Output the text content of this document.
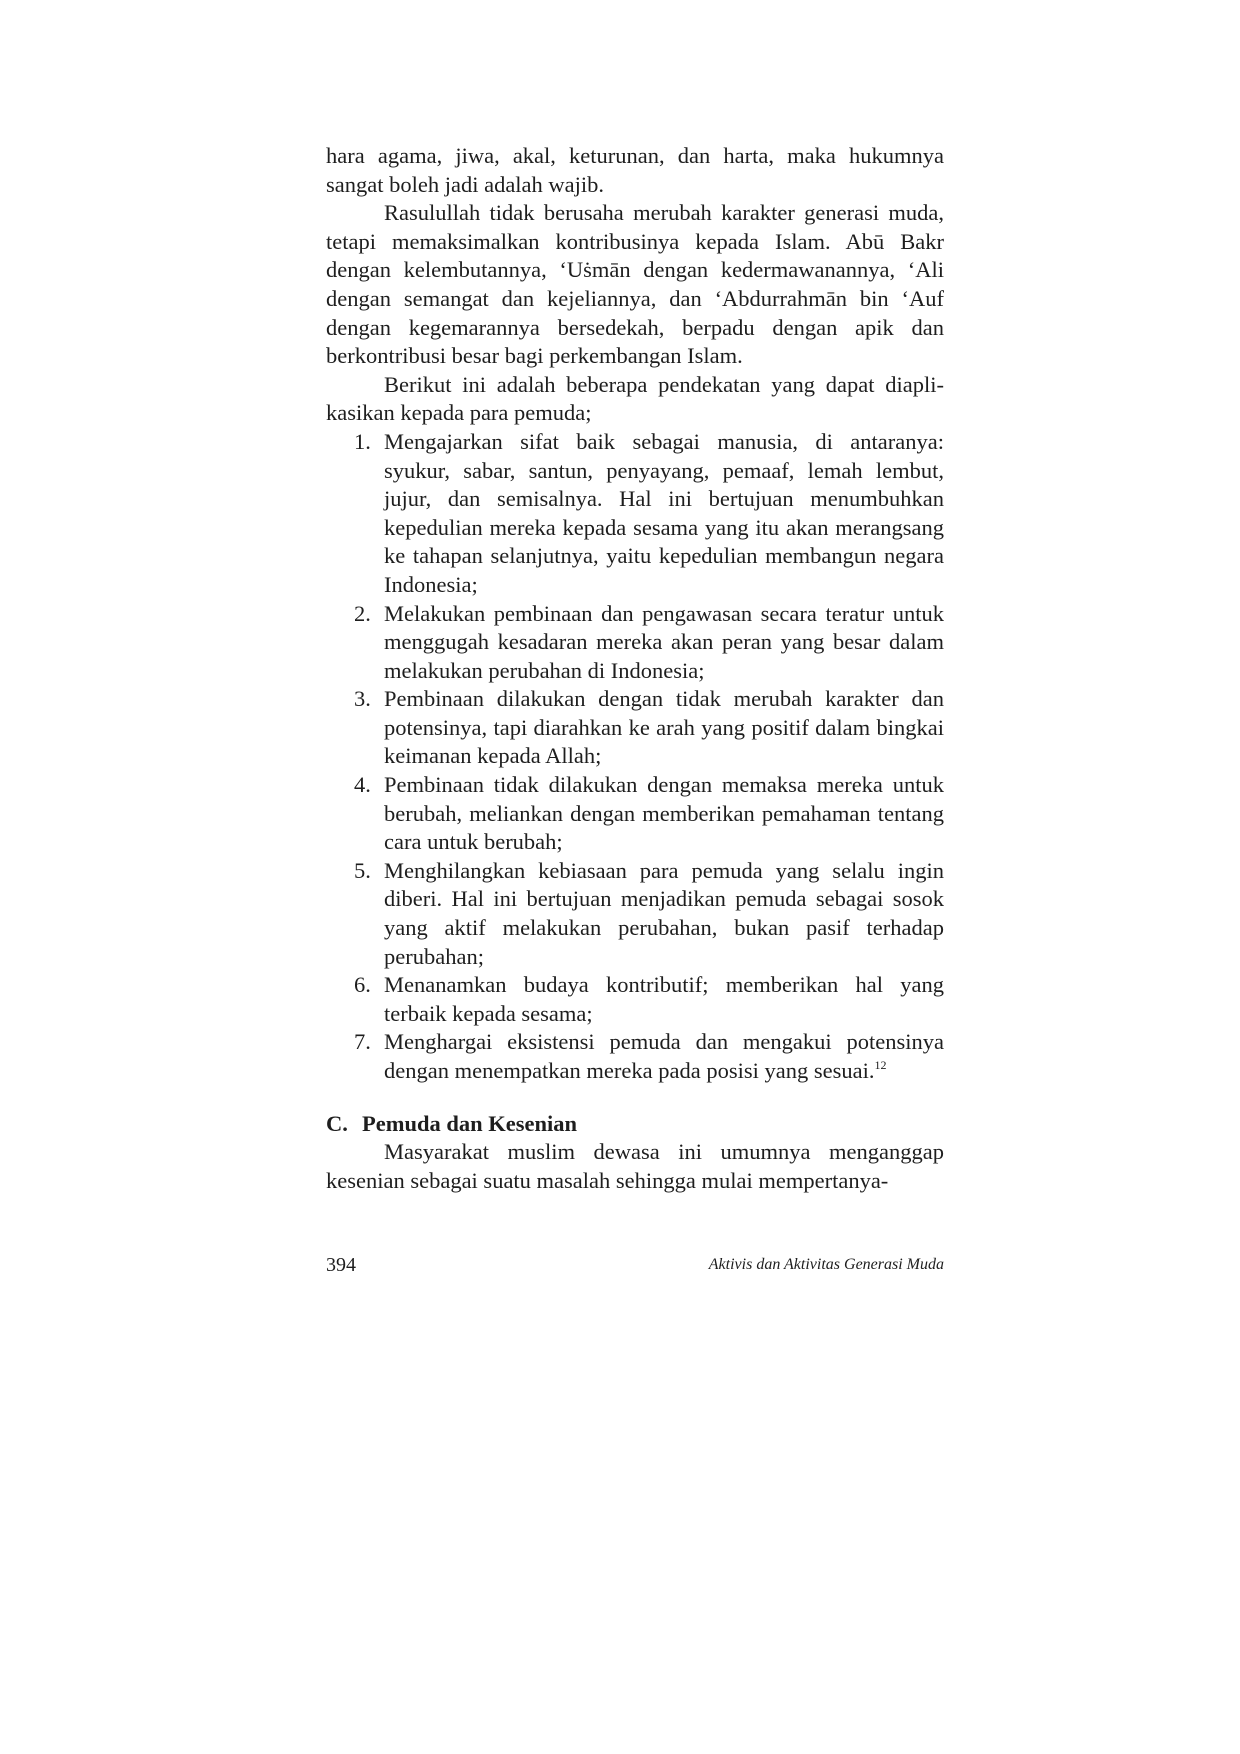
hara agama, jiwa, akal, keturunan, dan harta, maka hukumnya sangat boleh jadi adalah wajib.

Rasulullah tidak berusaha merubah karakter generasi muda, tetapi memaksimalkan kontribusinya kepada Islam. Abū Bakr dengan kelembutannya, ‘Uṡmān dengan kedermawanannya, ‘Ali dengan semangat dan kejeliannya, dan ‘Abdurrahmān bin ‘Auf dengan kegemarannya bersedekah, berpadu dengan apik dan berkontribusi besar bagi perkembangan Islam.

Berikut ini adalah beberapa pendekatan yang dapat diaplikasikan kepada para pemuda;

1. Mengajarkan sifat baik sebagai manusia, di antaranya: syukur, sabar, santun, penyayang, pemaaf, lemah lembut, jujur, dan semisalnya. Hal ini bertujuan menumbuhkan kepedulian mereka kepada sesama yang itu akan merangsang ke tahapan selanjutnya, yaitu kepedulian membangun negara Indonesia;
2. Melakukan pembinaan dan pengawasan secara teratur untuk menggugah kesadaran mereka akan peran yang besar dalam melakukan perubahan di Indonesia;
3. Pembinaan dilakukan dengan tidak merubah karakter dan potensinya, tapi diarahkan ke arah yang positif dalam bingkai keimanan kepada Allah;
4. Pembinaan tidak dilakukan dengan memaksa mereka untuk berubah, meliankan dengan memberikan pemahaman tentang cara untuk berubah;
5. Menghilangkan kebiasaan para pemuda yang selalu ingin diberi. Hal ini bertujuan menjadikan pemuda sebagai sosok yang aktif melakukan perubahan, bukan pasif terhadap perubahan;
6. Menanamkan budaya kontributif; memberikan hal yang terbaik kepada sesama;
7. Menghargai eksistensi pemuda dan mengakui potensinya dengan menempatkan mereka pada posisi yang sesuai.$^{12}$
C. Pemuda dan Kesenian

Masyarakat muslim dewasa ini umumnya menganggap kesenian sebagai suatu masalah sehingga mulai mempertanya-

394	Aktivis dan Aktivitas Generasi Muda
